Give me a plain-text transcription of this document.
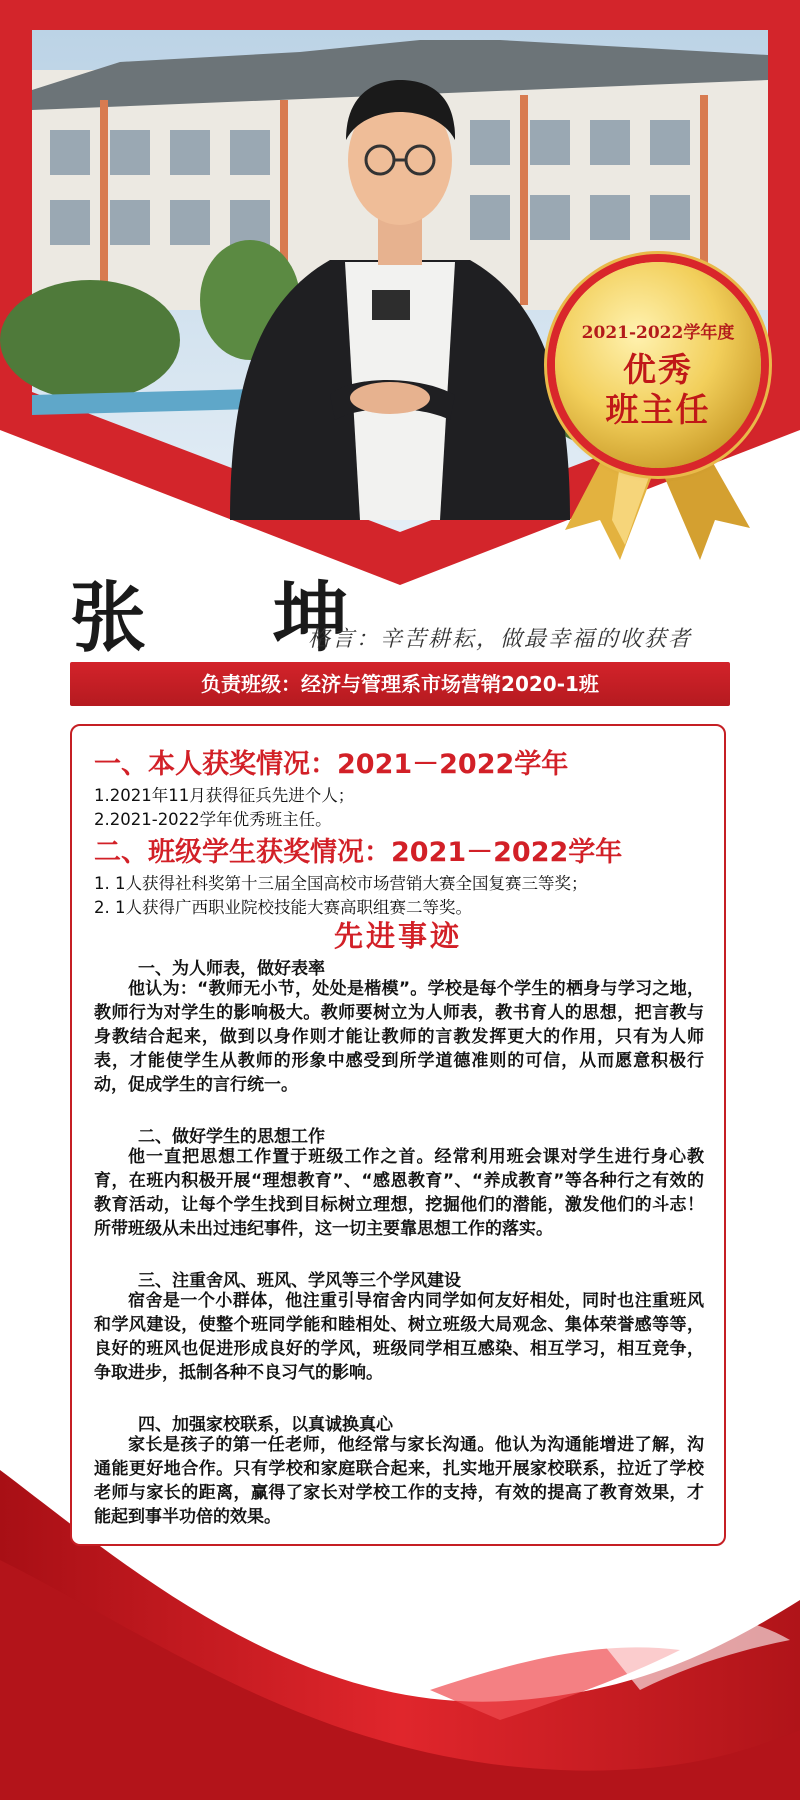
2021-2022学年度
优秀
班主任
张 坤
格言：辛苦耕耘，做最幸福的收获者
负责班级：经济与管理系市场营销2020-1班
一、本人获奖情况：2021－2022学年
1.2021年11月获得征兵先进个人；
2.2021-2022学年优秀班主任。
二、班级学生获奖情况：2021－2022学年
1. 1人获得社科奖第十三届全国高校市场营销大赛全国复赛三等奖；
2. 1人获得广西职业院校技能大赛高职组赛二等奖。
先进事迹
一、为人师表，做好表率
他认为：“教师无小节，处处是楷模”。学校是每个学生的栖身与学习之地，教师行为对学生的影响极大。教师要树立为人师表，教书育人的思想，把言教与身教结合起来，做到以身作则才能让教师的言教发挥更大的作用，只有为人师表，才能使学生从教师的形象中感受到所学道德准则的可信，从而愿意积极行动，促成学生的言行统一。
二、做好学生的思想工作
他一直把思想工作置于班级工作之首。经常利用班会课对学生进行身心教育，在班内积极开展“理想教育”、“感恩教育”、“养成教育”等各种行之有效的教育活动，让每个学生找到目标树立理想，挖掘他们的潜能，激发他们的斗志！所带班级从未出过违纪事件，这一切主要靠思想工作的落实。
三、注重舍风、班风、学风等三个学风建设
宿舍是一个小群体，他注重引导宿舍内同学如何友好相处，同时也注重班风和学风建设，使整个班同学能和睦相处、树立班级大局观念、集体荣誉感等等，良好的班风也促进形成良好的学风，班级同学相互感染、相互学习，相互竞争，争取进步，抵制各种不良习气的影响。
四、加强家校联系，以真诚换真心
家长是孩子的第一任老师，他经常与家长沟通。他认为沟通能增进了解，沟通能更好地合作。只有学校和家庭联合起来，扎实地开展家校联系，拉近了学校老师与家长的距离，赢得了家长对学校工作的支持，有效的提高了教育效果，才能起到事半功倍的效果。
